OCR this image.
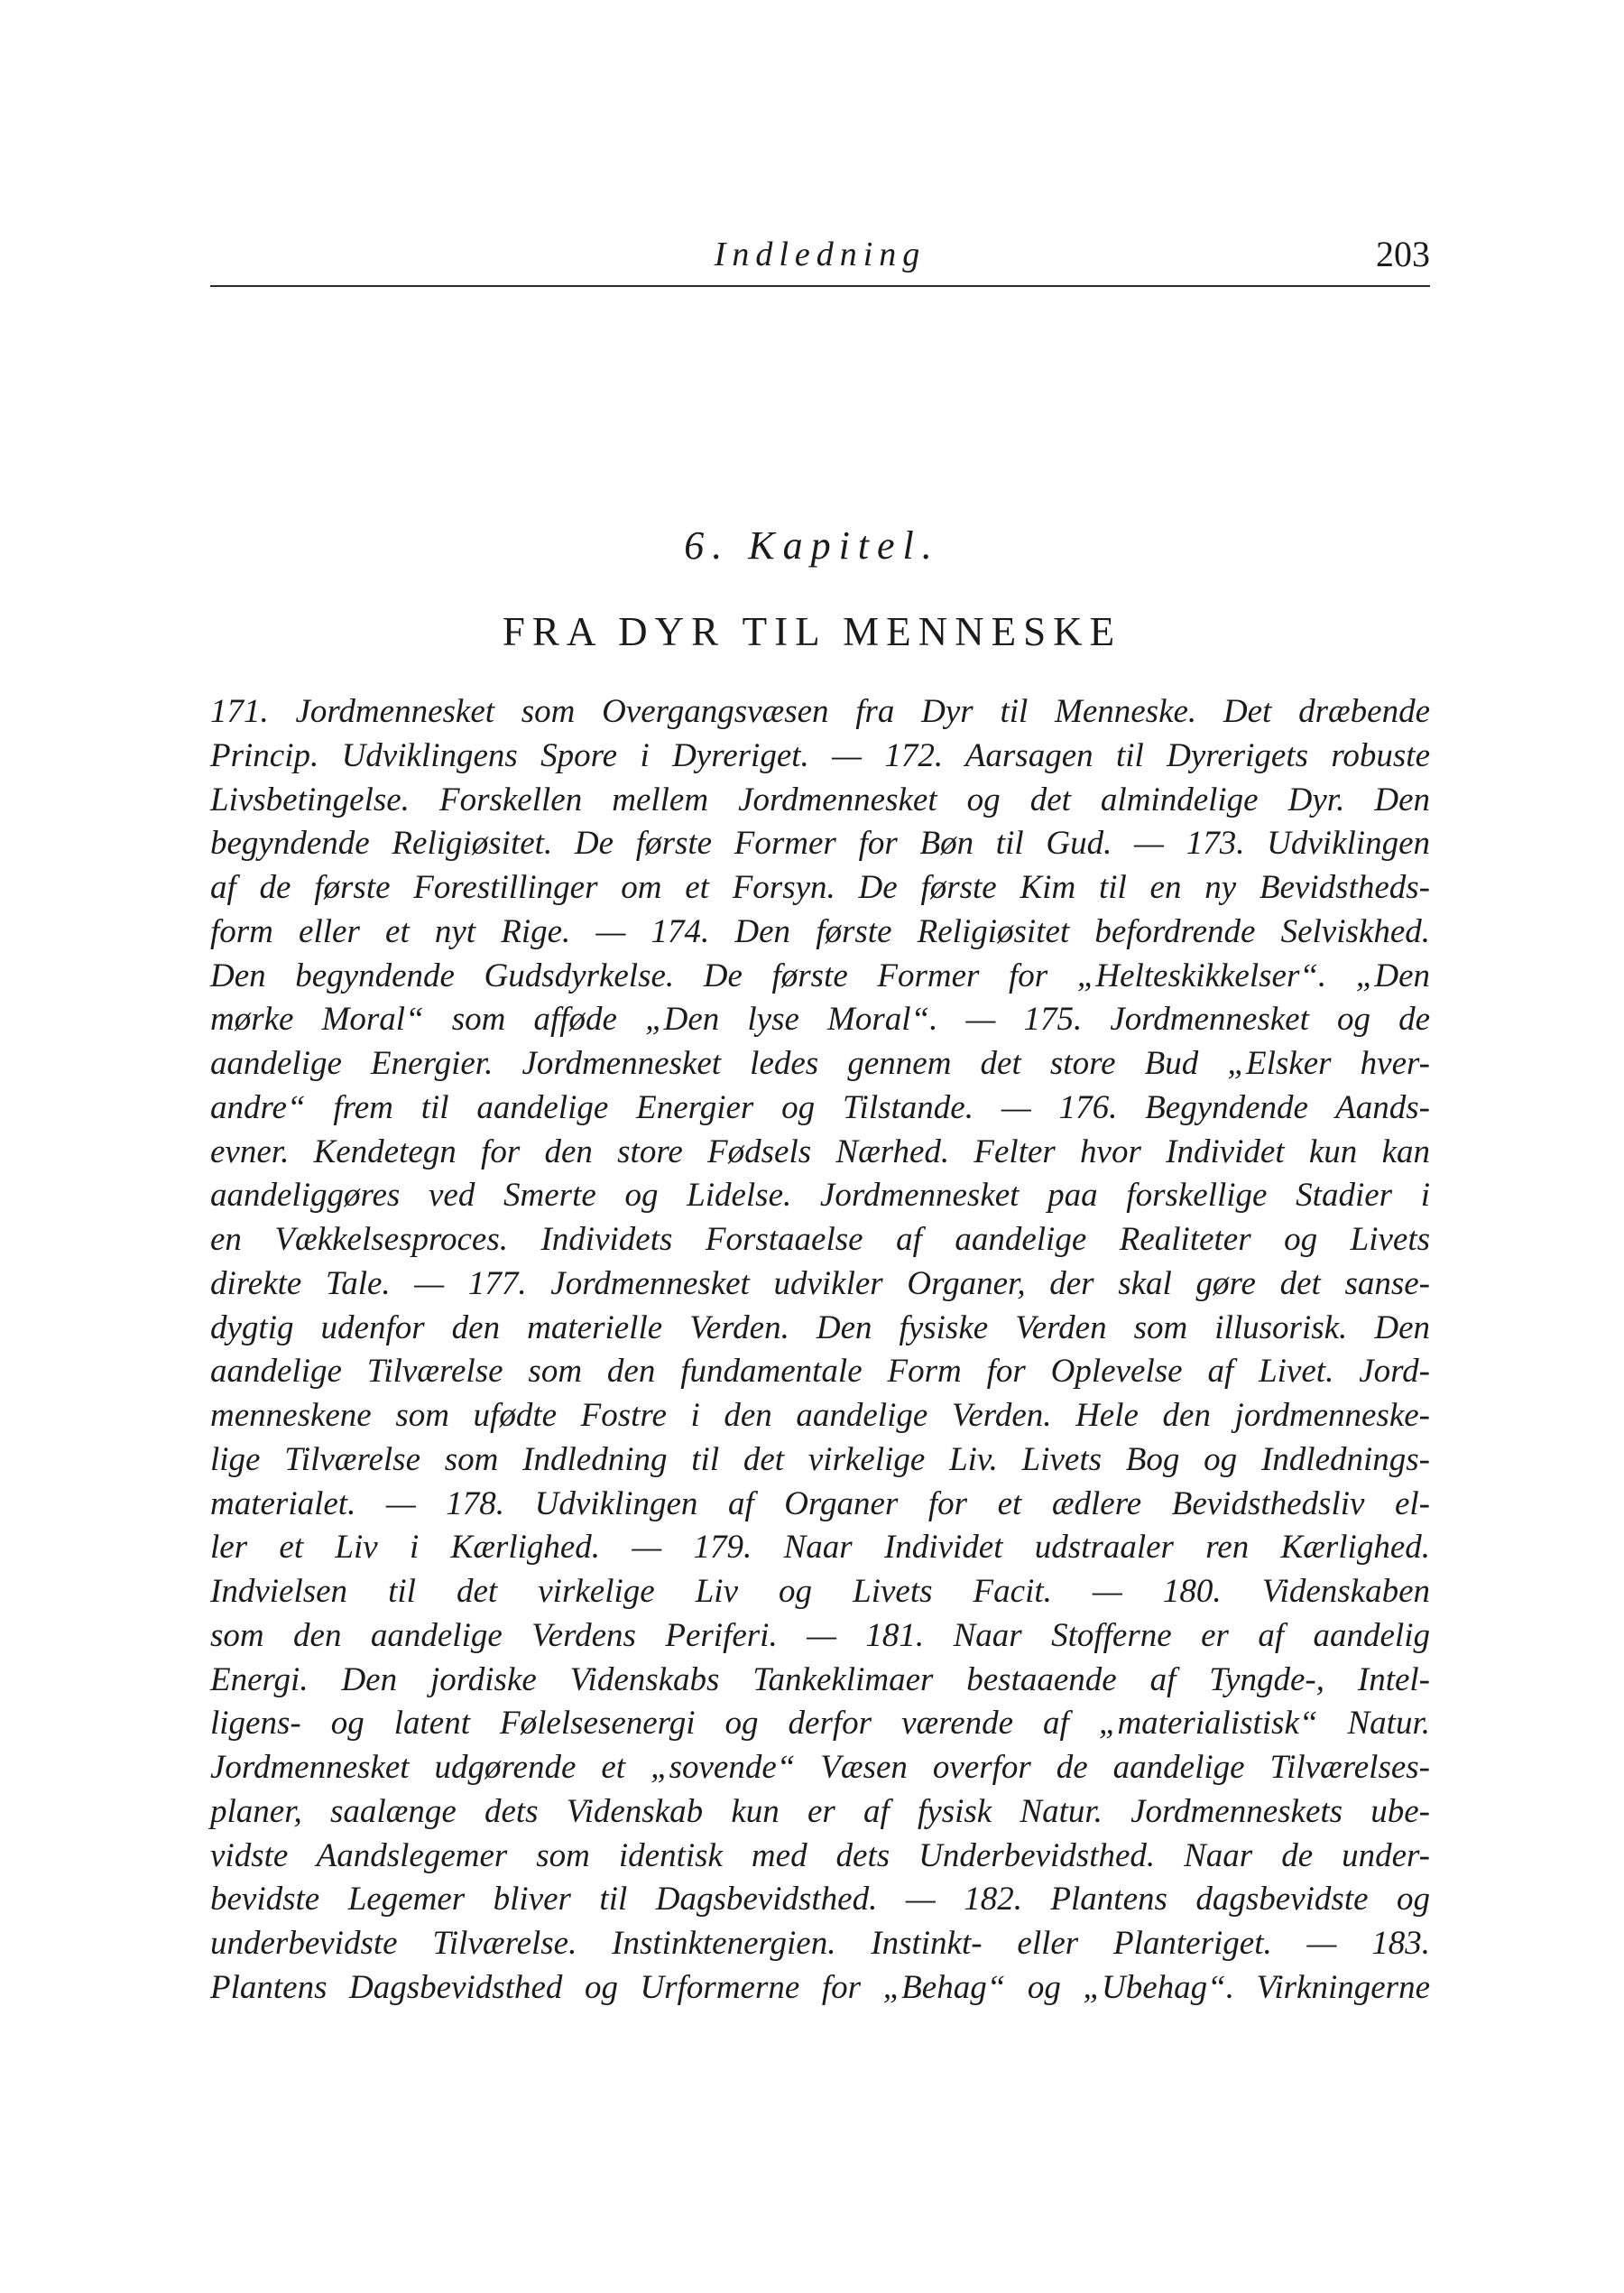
Indledning	203
6. Kapitel.
FRA DYR TIL MENNESKE
171. Jordmennesket som Overgangsvæsen fra Dyr til Menneske. Det dræbende
Princip. Udviklingens Spore i Dyreriget. — 172. Aarsagen til Dyrerigets robuste
Livsbetingelse. Forskellen mellem Jordmennesket og det almindelige Dyr. Den
begyndende Religiøsitet. De første Former for Bøn til Gud. — 173. Udviklingen
af de første Forestillinger om et Forsyn. De første Kim til en ny Bevidstheds-
form eller et nyt Rige. — 174. Den første Religiøsitet befordrende Selviskhed.
Den begyndende Gudsdyrkelse. De første Former for „Helteskikkelser“. „Den
mørke Moral“ som afføde „Den lyse Moral“. — 175. Jordmennesket og de
aandelige Energier. Jordmennesket ledes gennem det store Bud „Elsker hver-
andre“ frem til aandelige Energier og Tilstande. — 176. Begyndende Aands-
evner. Kendetegn for den store Fødsels Nærhed. Felter hvor Individet kun kan
aandeliggøres ved Smerte og Lidelse. Jordmennesket paa forskellige Stadier i
en Vækkelsesproces. Individets Forstaaelse af aandelige Realiteter og Livets
direkte Tale. — 177. Jordmennesket udvikler Organer, der skal gøre det sanse-
dygtig udenfor den materielle Verden. Den fysiske Verden som illusorisk. Den
aandelige Tilværelse som den fundamentale Form for Oplevelse af Livet. Jord-
menneskene som ufødte Fostre i den aandelige Verden. Hele den jordmenneske-
lige Tilværelse som Indledning til det virkelige Liv. Livets Bog og Indlednings-
materialet. — 178. Udviklingen af Organer for et ædlere Bevidsthedsliv el-
ler et Liv i Kærlighed. — 179. Naar Individet udstraaler ren Kærlighed.
Indvielsen til det virkelige Liv og Livets Facit. — 180. Videnskaben
som den aandelige Verdens Periferi. — 181. Naar Stofferne er af aandelig
Energi. Den jordiske Videnskabs Tankeklimaer bestaaende af Tyngde-, Intel-
ligens- og latent Følelsesenergi og derfor værende af „materialistisk“ Natur.
Jordmennesket udgørende et „sovende“ Væsen overfor de aandelige Tilværelses-
planer, saalænge dets Videnskab kun er af fysisk Natur. Jordmenneskets ube-
vidste Aandslegemer som identisk med dets Underbevidsthed. Naar de under-
bevidste Legemer bliver til Dagsbevidsthed. — 182. Plantens dagsbevidste og
underbevidste Tilværelse. Instinktenergien. Instinkt- eller Planteriget. — 183.
Plantens Dagsbevidsthed og Urformerne for „Behag“ og „Ubehag“. Virkningerne
